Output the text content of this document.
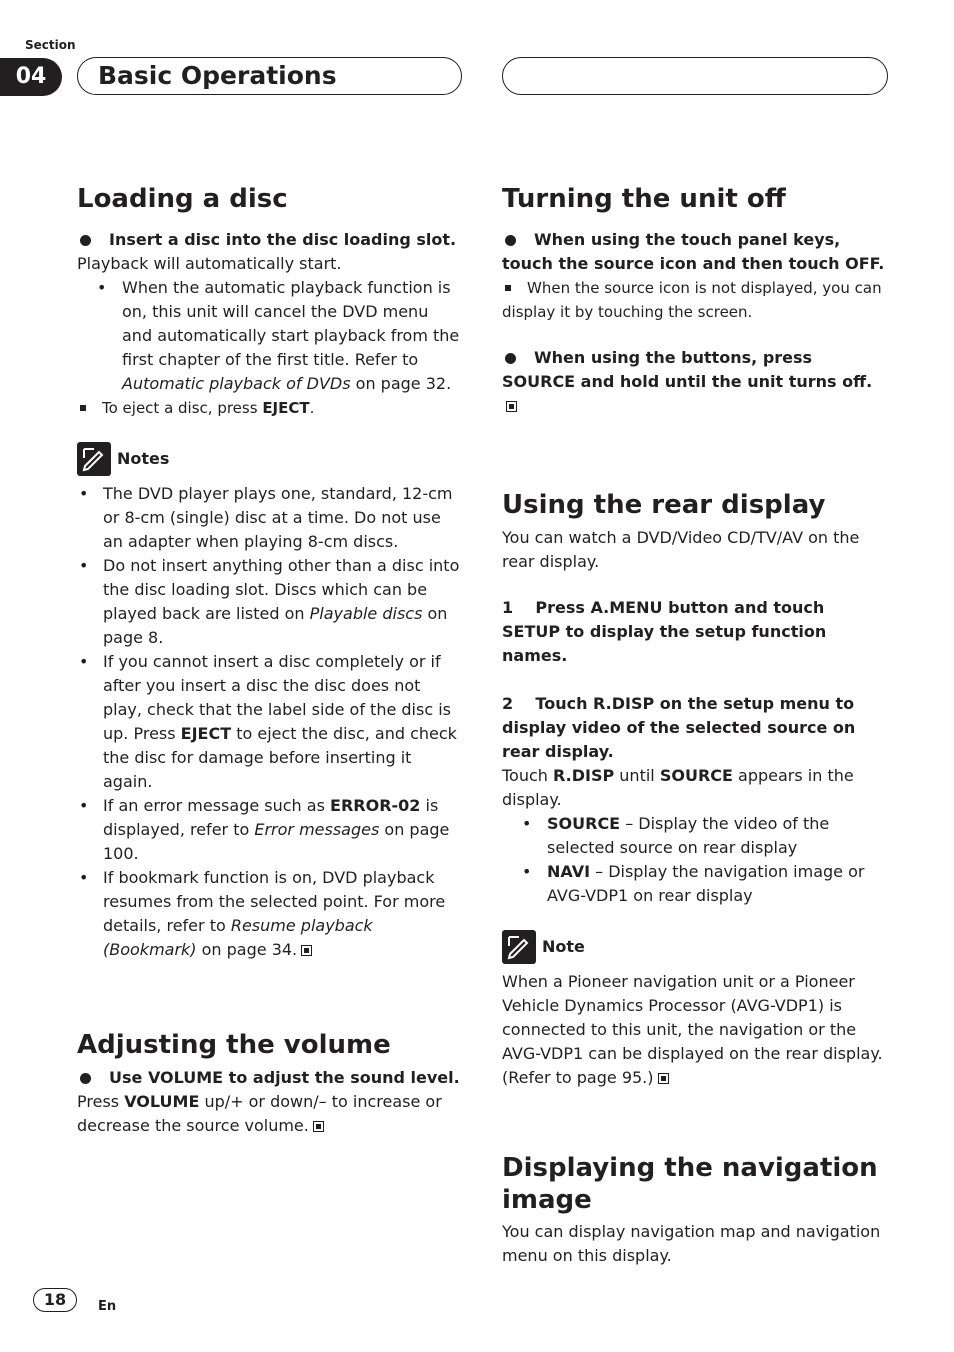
Section
04	Basic Operations
Loading a disc
Insert a disc into the disc loading slot.

Playback will automatically start.

• When the automatic playback function is on, this unit will cancel the DVD menu and automatically start playback from the first chapter of the first title. Refer to Automatic playback of DVDs on page 32.
To eject a disc, press EJECT.
Notes
• The DVD player plays one, standard, 12-cm or 8-cm (single) disc at a time. Do not use an adapter when playing 8-cm discs.
• Do not insert anything other than a disc into the disc loading slot. Discs which can be played back are listed on Playable discs on page 8.
• If you cannot insert a disc completely or if after you insert a disc the disc does not play, check that the label side of the disc is up. Press EJECT to eject the disc, and check the disc for damage before inserting it again.
• If an error message such as ERROR-02 is displayed, refer to Error messages on page 100.
• If bookmark function is on, DVD playback resumes from the selected point. For more details, refer to Resume playback (Bookmark) on page 34.
Adjusting the volume
Use VOLUME to adjust the sound level.

Press VOLUME up/+ or down/– to increase or decrease the source volume.

Turning the unit off
When using the touch panel keys, touch the source icon and then touch OFF.
When the source icon is not displayed, you can display it by touching the screen.
When using the buttons, press SOURCE and hold until the unit turns off.
Using the rear display

You can watch a DVD/Video CD/TV/AV on the rear display.

1    Press A.MENU button and touch SETUP to display the setup function names.

2    Touch R.DISP on the setup menu to display video of the selected source on rear display.

Touch R.DISP until SOURCE appears in the display.

• SOURCE – Display the video of the selected source on rear display
• NAVI – Display the navigation image or AVG-VDP1 on rear display
Note

When a Pioneer navigation unit or a Pioneer Vehicle Dynamics Processor (AVG-VDP1) is connected to this unit, the navigation or the AVG-VDP1 can be displayed on the rear display. (Refer to page 95.)

Displaying the navigation image

You can display navigation map and navigation menu on this display.

18	En
